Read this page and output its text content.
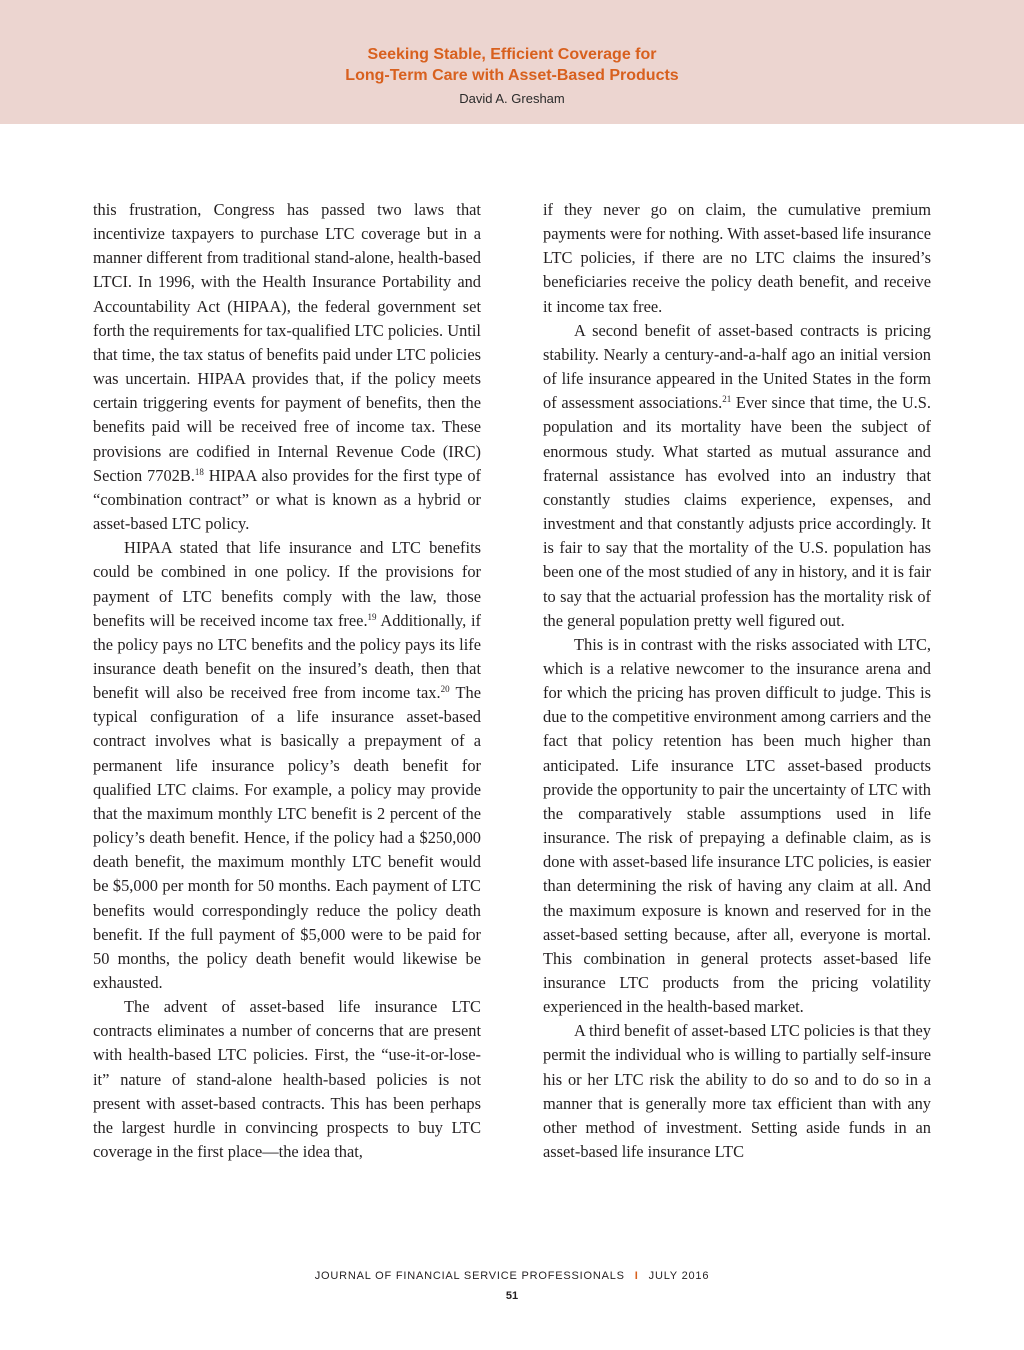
Seeking Stable, Efficient Coverage for
Long-Term Care with Asset-Based Products
David A. Gresham

this frustration, Congress has passed two laws that incentivize taxpayers to purchase LTC coverage but in a manner different from traditional stand-alone, health-based LTCI. In 1996, with the Health Insurance Portability and Accountability Act (HIPAA), the federal government set forth the requirements for tax-qualified LTC policies. Until that time, the tax status of benefits paid under LTC policies was uncertain. HIPAA provides that, if the policy meets certain triggering events for payment of benefits, then the benefits paid will be received free of income tax. These provisions are codified in Internal Revenue Code (IRC) Section 7702B.$^{18}$ HIPAA also provides for the first type of “combination contract” or what is known as a hybrid or asset-based LTC policy.

HIPAA stated that life insurance and LTC benefits could be combined in one policy. If the provisions for payment of LTC benefits comply with the law, those benefits will be received income tax free.$^{19}$ Additionally, if the policy pays no LTC benefits and the policy pays its life insurance death benefit on the insured’s death, then that benefit will also be received free from income tax.$^{20}$ The typical configuration of a life insurance asset-based contract involves what is basically a prepayment of a permanent life insurance policy’s death benefit for qualified LTC claims. For example, a policy may provide that the maximum monthly LTC benefit is 2 percent of the policy’s death benefit. Hence, if the policy had a $250,000 death benefit, the maximum monthly LTC benefit would be $5,000 per month for 50 months. Each payment of LTC benefits would correspondingly reduce the policy death benefit. If the full payment of $5,000 were to be paid for 50 months, the policy death benefit would likewise be exhausted.

The advent of asset-based life insurance LTC contracts eliminates a number of concerns that are present with health-based LTC policies. First, the “use-it-or-lose-it” nature of stand-alone health-based policies is not present with asset-based contracts. This has been perhaps the largest hurdle in convincing prospects to buy LTC coverage in the first place—the idea that,

if they never go on claim, the cumulative premium payments were for nothing. With asset-based life insurance LTC policies, if there are no LTC claims the insured’s beneficiaries receive the policy death benefit, and receive it income tax free.

A second benefit of asset-based contracts is pricing stability. Nearly a century-and-a-half ago an initial version of life insurance appeared in the United States in the form of assessment associations.$^{21}$ Ever since that time, the U.S. population and its mortality have been the subject of enormous study. What started as mutual assurance and fraternal assistance has evolved into an industry that constantly studies claims experience, expenses, and investment and that constantly adjusts price accordingly. It is fair to say that the mortality of the U.S. population has been one of the most studied of any in history, and it is fair to say that the actuarial profession has the mortality risk of the general population pretty well figured out.

This is in contrast with the risks associated with LTC, which is a relative newcomer to the insurance arena and for which the pricing has proven difficult to judge. This is due to the competitive environment among carriers and the fact that policy retention has been much higher than anticipated. Life insurance LTC asset-based products provide the opportunity to pair the uncertainty of LTC with the comparatively stable assumptions used in life insurance. The risk of prepaying a definable claim, as is done with asset-based life insurance LTC policies, is easier than determining the risk of having any claim at all. And the maximum exposure is known and reserved for in the asset-based setting because, after all, everyone is mortal. This combination in general protects asset-based life insurance LTC products from the pricing volatility experienced in the health-based market.

A third benefit of asset-based LTC policies is that they permit the individual who is willing to partially self-insure his or her LTC risk the ability to do so and to do so in a manner that is generally more tax efficient than with any other method of investment. Setting aside funds in an asset-based life insurance LTC

JOURNAL OF FINANCIAL SERVICE PROFESSIONALS I JULY 2016
51
